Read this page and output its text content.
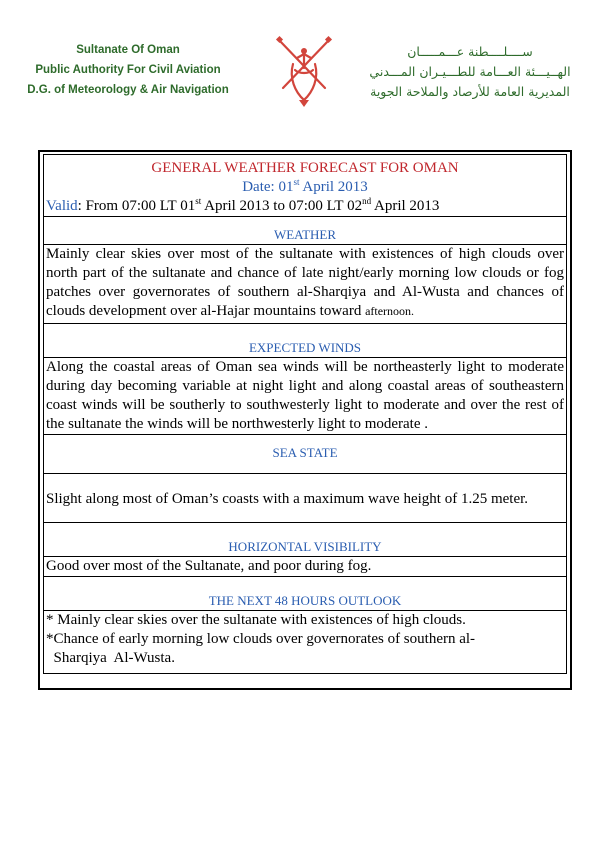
Sultanate Of Oman
Public Authority For Civil Aviation
D.G. of Meteorology & Air Navigation
ســــلــــطنة عـــمـــــان
الهــيـــئة العـــامة للطـــيـران المـــدني
المديرية العامة للأرصاد والملاحة الجوية
GENERAL WEATHER FORECAST FOR OMAN
Date: 01st April 2013
Valid: From 07:00 LT 01st April 2013 to 07:00 LT 02nd April 2013

WEATHER
Mainly clear skies over most of the sultanate with existences of high clouds over north part of the sultanate and chance of late night/early morning low clouds or fog patches over governorates of southern al-Sharqiya and Al-Wusta and chances of clouds development over al-Hajar mountains toward afternoon.
EXPECTED WINDS
Along the coastal areas of Oman sea winds will be northeasterly light to moderate during day becoming variable at night light and along coastal areas of southeastern coast winds will be southerly to southwesterly light to moderate and over the rest of the sultanate the winds will be northwesterly light to moderate .
SEA STATE
Slight along most of Oman’s coasts with a maximum wave height of 1.25 meter.
HORIZONTAL VISIBILITY
Good over most of the Sultanate, and poor during fog.
THE NEXT 48 HOURS OUTLOOK

* Mainly clear skies over the sultanate with existences of high clouds.
*Chance of early morning low clouds over governorates of southern al-
Sharqiya  Al-Wusta.
